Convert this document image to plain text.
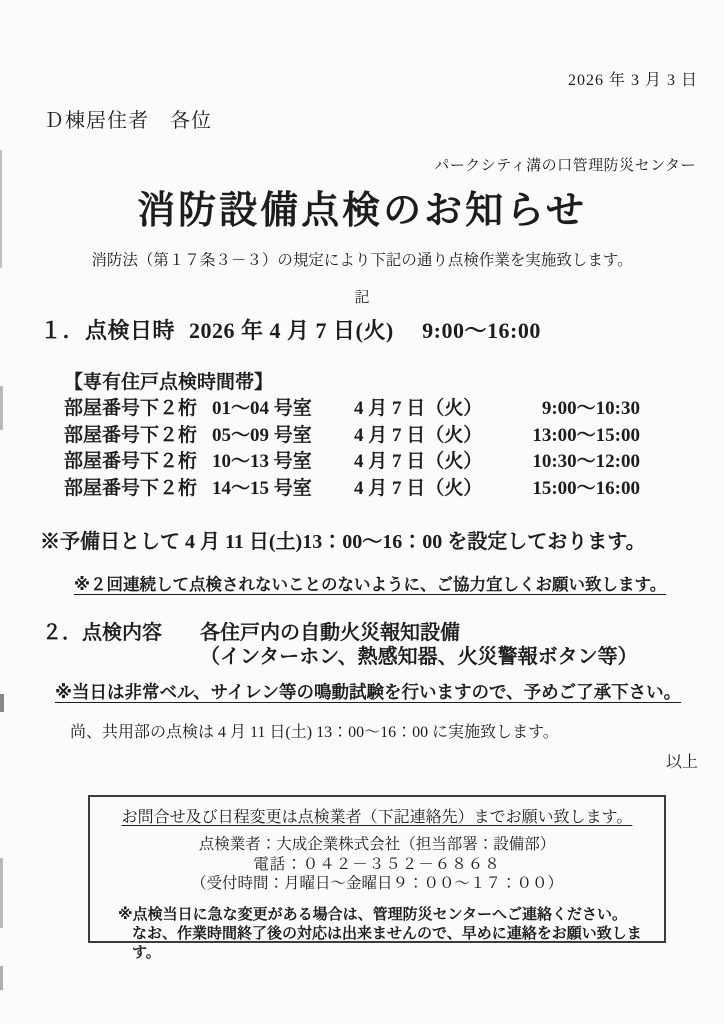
2026 年 3 月 3 日
Ｄ棟居住者　各位
パークシティ溝の口管理防災センター
消防設備点検のお知らせ
消防法（第１７条３－３）の規定により下記の通り点検作業を実施致します。
記
１．点検日時 2026 年 4 月 7 日(火)　 9:00～16:00
【専有住戸点検時間帯】
部屋番号下２桁 01～04 号室	4 月 7 日（火）	9:00～10:30
部屋番号下２桁 05～09 号室	4 月 7 日（火）	13:00～15:00
部屋番号下２桁 10～13 号室	4 月 7 日（火）	10:30～12:00
部屋番号下２桁 14～15 号室	4 月 7 日（火）	15:00～16:00
※予備日として 4 月 11 日(土)13：00～16：00 を設定しております。
※２回連続して点検されないことのないように、ご協力宜しくお願い致します。
２．点検内容 各住戸内の自動火災報知設備
（インターホン、熱感知器、火災警報ボタン等）
※当日は非常ベル、サイレン等の鳴動試験を行いますので、予めご了承下さい。
尚、共用部の点検は 4 月 11 日(土) 13：00～16：00 に実施致します。
以上
お問合せ及び日程変更は点検業者（下記連絡先）までお願い致します。
点検業者：大成企業株式会社（担当部署：設備部）
電話：０４２－３５２－６８６８
（受付時間：月曜日～金曜日９：００～１７：００）
※点検当日に急な変更がある場合は、管理防災センターへご連絡ください。
なお、作業時間終了後の対応は出来ませんので、早めに連絡をお願い致します。
